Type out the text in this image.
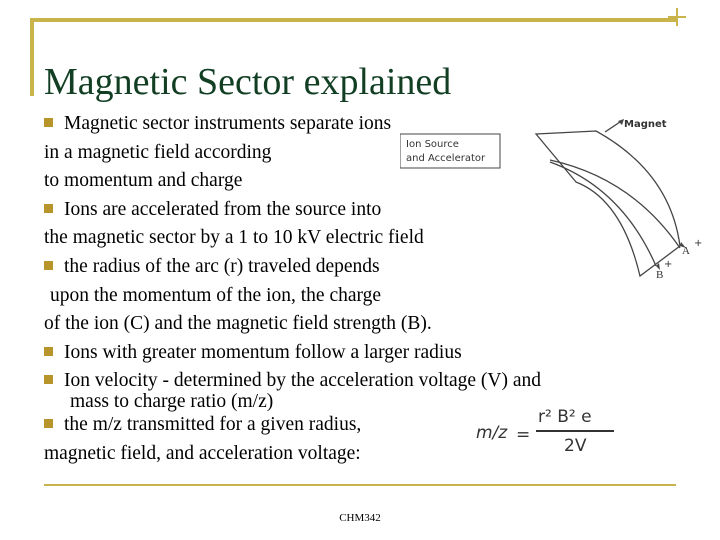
Magnetic Sector explained
Magnetic sector instruments separate ions
in a magnetic field according
to momentum and charge
Ions are accelerated from the source into
the magnetic sector by a 1 to 10 kV electric field
the radius of the arc (r) traveled depends
upon the momentum of the ion, the charge
of the ion (C) and the magnetic field strength (B).
Ions with greater momentum follow a larger radius
Ion velocity - determined by the acceleration voltage (V) and
mass to charge ratio (m/z)
the m/z transmitted for a given radius,
magnetic field, and acceleration voltage:
Ion Source
and Accelerator
Magnet
A
B
+
+
m/z =
r² B² e
2V
CHM342
